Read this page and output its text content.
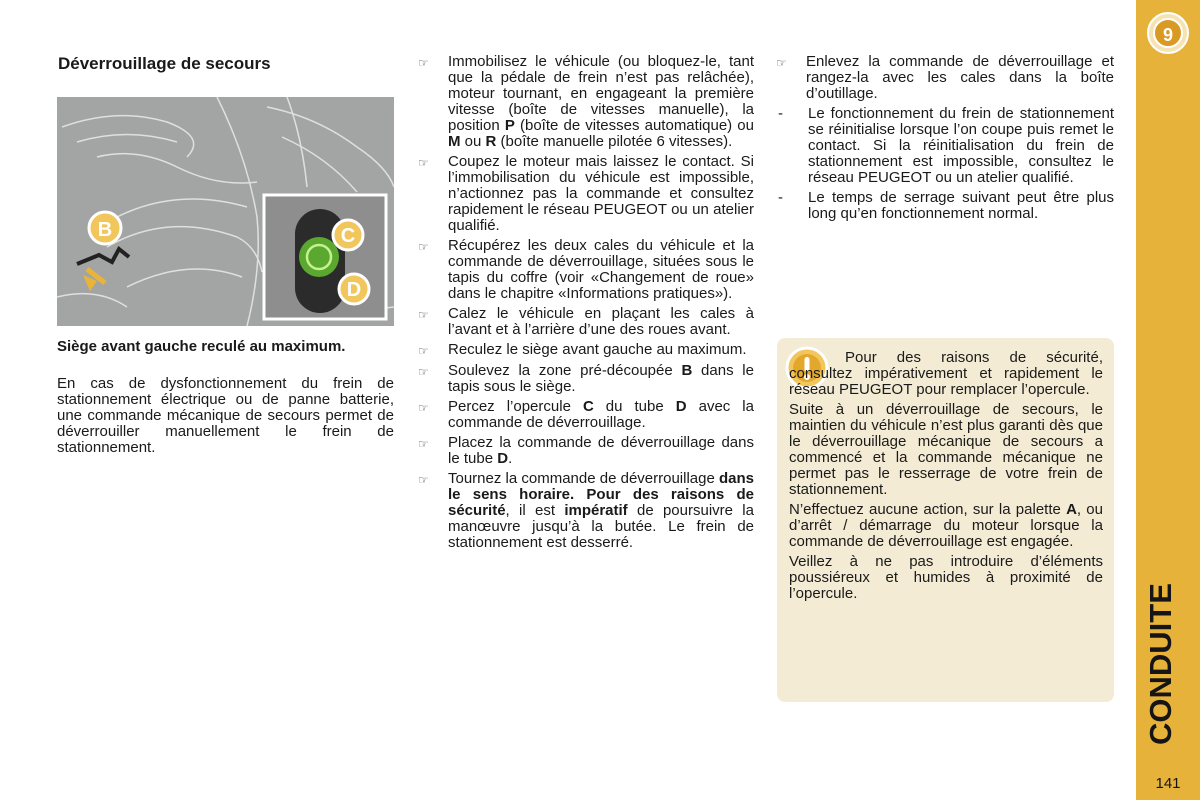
9
CONDUITE
141
Déverrouillage de secours
C
D
B
Siège avant gauche reculé au maximum.
En cas de dysfonctionnement du frein de stationnement électrique ou de panne batterie, une commande mécanique de secours permet de déverrouiller manuellement le frein de stationnement.
☞	Immobilisez le véhicule (ou bloquez-le, tant que la pédale de frein n’est pas relâchée), moteur tournant, en engageant la première vitesse (boîte de vitesses manuelle), la position P (boîte de vitesses automatique) ou M ou R (boîte manuelle pilotée 6 vitesses).
☞	Coupez le moteur mais laissez le contact. Si l’immobilisation du véhicule est impossible, n’actionnez pas la commande et consultez rapidement le réseau PEUGEOT ou un atelier qualifié.
☞	Récupérez les deux cales du véhicule et la commande de déverrouillage, situées sous le tapis du coffre (voir «Changement de roue» dans le chapitre «Informations pratiques»).
☞	Calez le véhicule en plaçant les cales à l’avant et à l’arrière d’une des roues avant.
☞	Reculez le siège avant gauche au maximum.
☞	Soulevez la zone pré-découpée B dans le tapis sous le siège.
☞	Percez l’opercule C du tube D avec la commande de déverrouillage.
☞	Placez la commande de déverrouillage dans le tube D.
☞	Tournez la commande de déverrouillage dans le sens horaire. Pour des raisons de sécurité, il est impératif de poursuivre la manœuvre jusqu’à la butée. Le frein de stationnement est desserré.
☞	Enlevez la commande de déverrouillage et rangez-la avec les cales dans la boîte d’outillage.
-	Le fonctionnement du frein de stationnement se réinitialise lorsque l’on coupe puis remet le contact. Si la réinitialisation du frein de stationnement est impossible, consultez le réseau PEUGEOT ou un atelier qualifié.
-	Le temps de serrage suivant peut être plus long qu’en fonctionnement normal.

Pour des raisons de sécurité, consultez impérativement et rapidement le réseau PEUGEOT pour remplacer l’opercule.

Suite à un déverrouillage de secours, le maintien du véhicule n’est plus garanti dès que le déverrouillage mécanique de secours a commencé et la commande mécanique ne permet pas le resserrage de votre frein de stationnement.

N’effectuez aucune action, sur la palette A, ou d’arrêt / démarrage du moteur lorsque la commande de déverrouillage est engagée.

Veillez à ne pas introduire d’éléments poussiéreux et humides à proximité de l’opercule.
